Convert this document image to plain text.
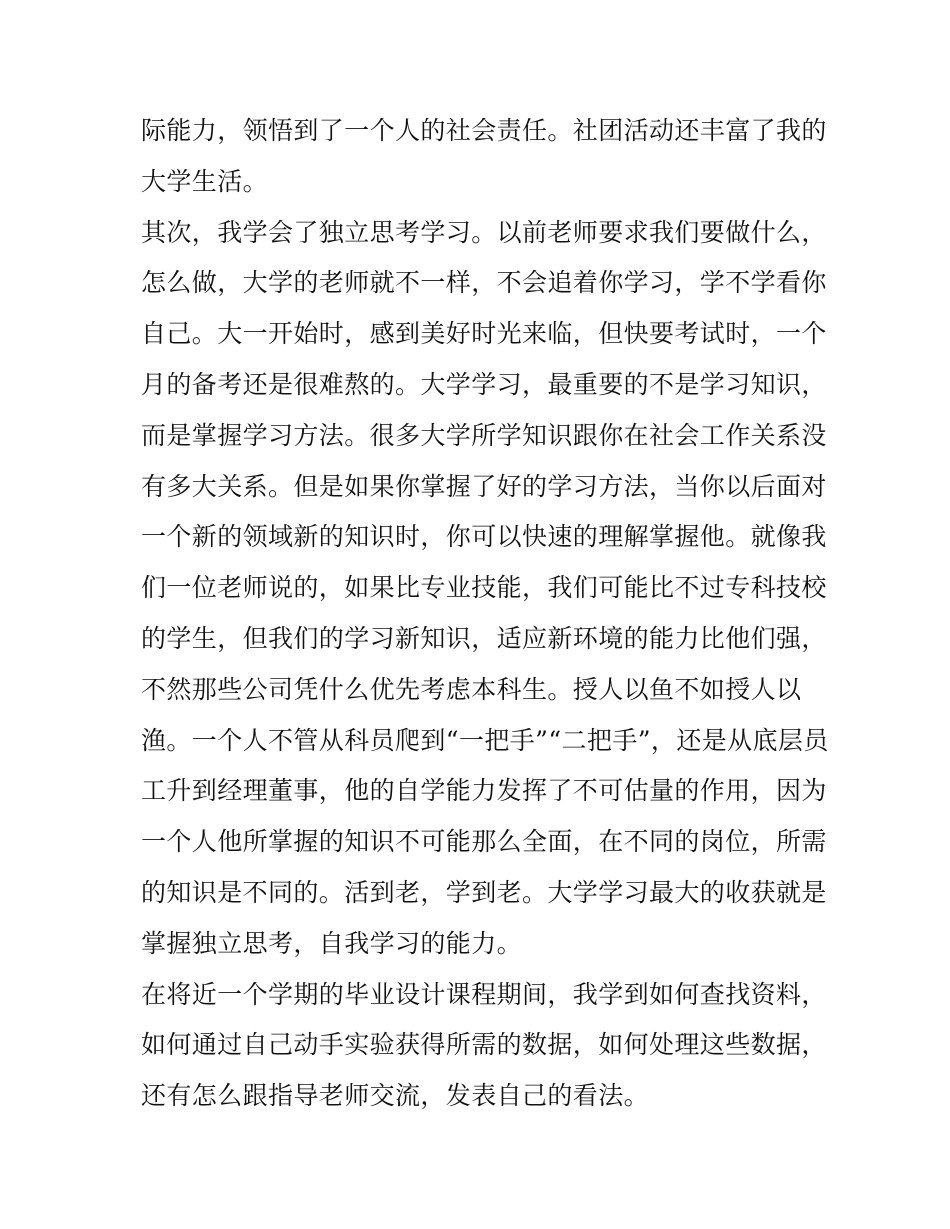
际能力，领悟到了一个人的社会责任。社团活动还丰富了我的
大学生活。
其次，我学会了独立思考学习。以前老师要求我们要做什么，
怎么做，大学的老师就不一样，不会追着你学习，学不学看你
自己。大一开始时，感到美好时光来临，但快要考试时，一个
月的备考还是很难熬的。大学学习，最重要的不是学习知识，
而是掌握学习方法。很多大学所学知识跟你在社会工作关系没
有多大关系。但是如果你掌握了好的学习方法，当你以后面对
一个新的领域新的知识时，你可以快速的理解掌握他。就像我
们一位老师说的，如果比专业技能，我们可能比不过专科技校
的学生，但我们的学习新知识，适应新环境的能力比他们强，
不然那些公司凭什么优先考虑本科生。授人以鱼不如授人以
渔。一个人不管从科员爬到“一把手”“二把手”，还是从底层员
工升到经理董事，他的自学能力发挥了不可估量的作用，因为
一个人他所掌握的知识不可能那么全面，在不同的岗位，所需
的知识是不同的。活到老，学到老。大学学习最大的收获就是
掌握独立思考，自我学习的能力。
在将近一个学期的毕业设计课程期间，我学到如何查找资料，
如何通过自己动手实验获得所需的数据，如何处理这些数据，
还有怎么跟指导老师交流，发表自己的看法。
